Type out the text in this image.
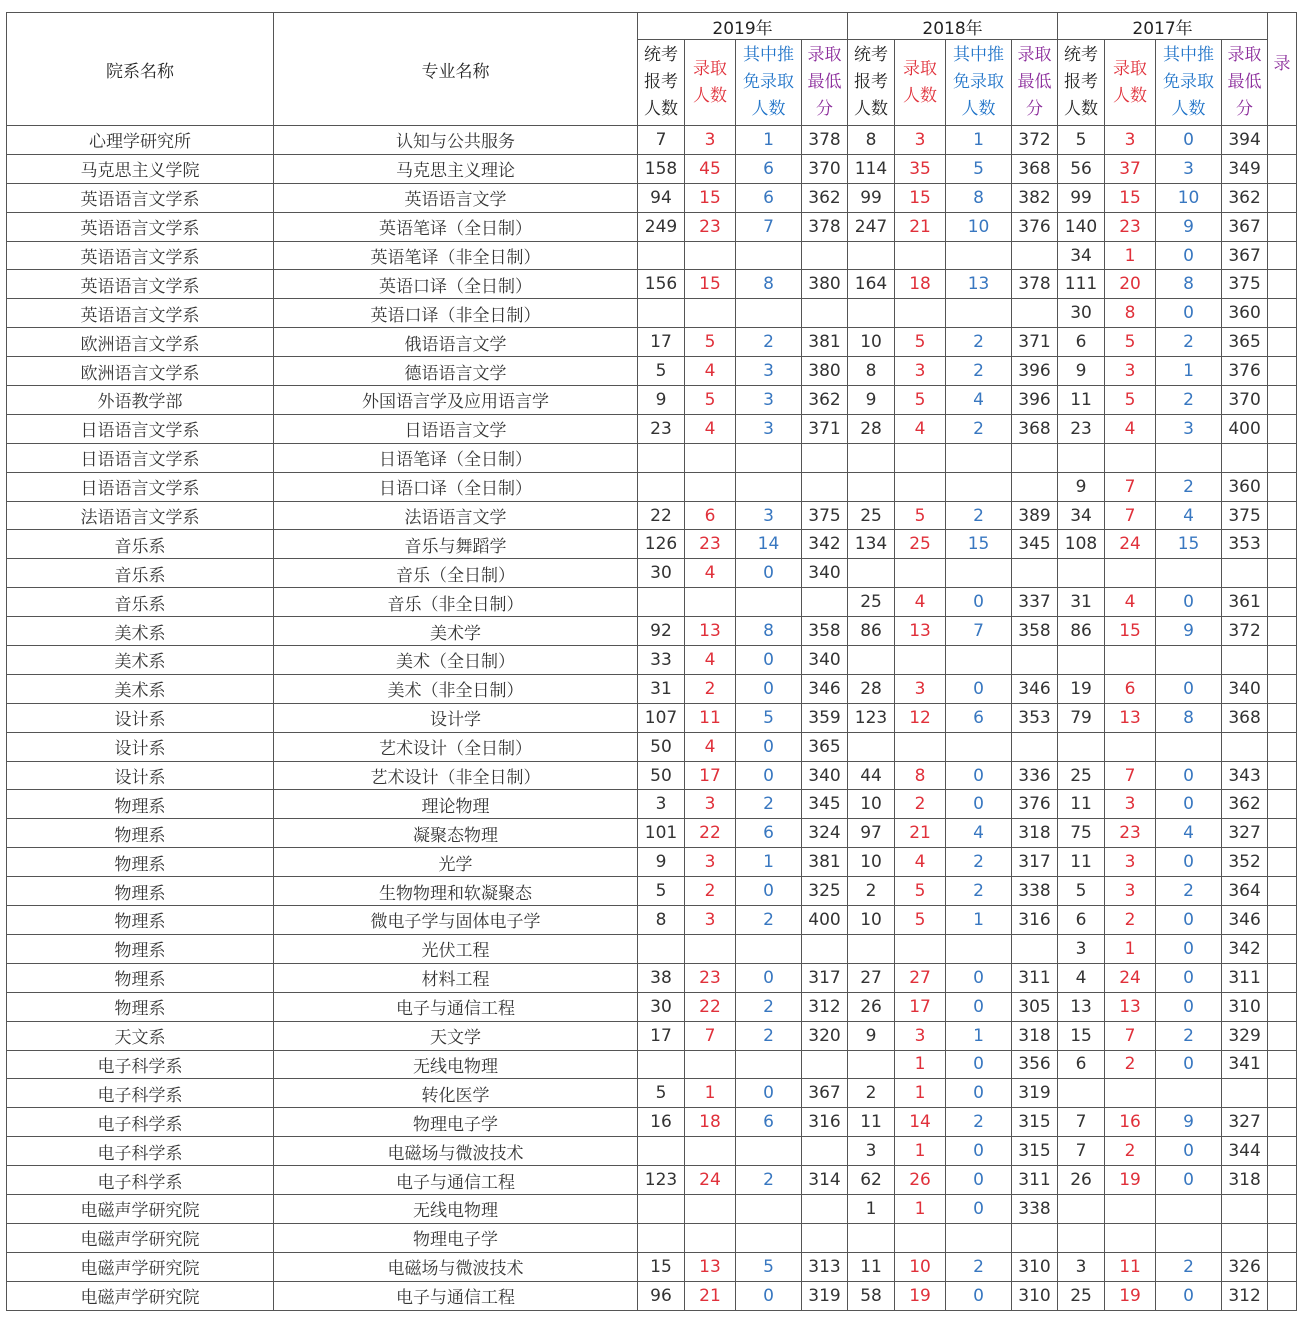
院系名称	专业名称	2019年				2018年				2017年				录
		统考报考人数	录取人数	其中推免录取人数	录取最低分	统考报考人数	录取人数	其中推免录取人数	录取最低分	统考报考人数	录取人数	其中推免录取人数	录取最低分	
心理学研究所	认知与公共服务	7	3	1	378	8	3	1	372	5	3	0	394	
马克思主义学院	马克思主义理论	158	45	6	370	114	35	5	368	56	37	3	349	
英语语言文学系	英语语言文学	94	15	6	362	99	15	8	382	99	15	10	362	
英语语言文学系	英语笔译（全日制）	249	23	7	378	247	21	10	376	140	23	9	367	
英语语言文学系	英语笔译（非全日制）									34	1	0	367	
英语语言文学系	英语口译（全日制）	156	15	8	380	164	18	13	378	111	20	8	375	
英语语言文学系	英语口译（非全日制）									30	8	0	360	
欧洲语言文学系	俄语语言文学	17	5	2	381	10	5	2	371	6	5	2	365	
欧洲语言文学系	德语语言文学	5	4	3	380	8	3	2	396	9	3	1	376	
外语教学部	外国语言学及应用语言学	9	5	3	362	9	5	4	396	11	5	2	370	
日语语言文学系	日语语言文学	23	4	3	371	28	4	2	368	23	4	3	400	
日语语言文学系	日语笔译（全日制）													
日语语言文学系	日语口译（全日制）									9	7	2	360	
法语语言文学系	法语语言文学	22	6	3	375	25	5	2	389	34	7	4	375	
音乐系	音乐与舞蹈学	126	23	14	342	134	25	15	345	108	24	15	353	
音乐系	音乐（全日制）	30	4	0	340									
音乐系	音乐（非全日制）					25	4	0	337	31	4	0	361	
美术系	美术学	92	13	8	358	86	13	7	358	86	15	9	372	
美术系	美术（全日制）	33	4	0	340									
美术系	美术（非全日制）	31	2	0	346	28	3	0	346	19	6	0	340	
设计系	设计学	107	11	5	359	123	12	6	353	79	13	8	368	
设计系	艺术设计（全日制）	50	4	0	365									
设计系	艺术设计（非全日制）	50	17	0	340	44	8	0	336	25	7	0	343	
物理系	理论物理	3	3	2	345	10	2	0	376	11	3	0	362	
物理系	凝聚态物理	101	22	6	324	97	21	4	318	75	23	4	327	
物理系	光学	9	3	1	381	10	4	2	317	11	3	0	352	
物理系	生物物理和软凝聚态	5	2	0	325	2	5	2	338	5	3	2	364	
物理系	微电子学与固体电子学	8	3	2	400	10	5	1	316	6	2	0	346	
物理系	光伏工程									3	1	0	342	
物理系	材料工程	38	23	0	317	27	27	0	311	4	24	0	311	
物理系	电子与通信工程	30	22	2	312	26	17	0	305	13	13	0	310	
天文系	天文学	17	7	2	320	9	3	1	318	15	7	2	329	
电子科学系	无线电物理						1	0	356	6	2	0	341	
电子科学系	转化医学	5	1	0	367	2	1	0	319					
电子科学系	物理电子学	16	18	6	316	11	14	2	315	7	16	9	327	
电子科学系	电磁场与微波技术					3	1	0	315	7	2	0	344	
电子科学系	电子与通信工程	123	24	2	314	62	26	0	311	26	19	0	318	
电磁声学研究院	无线电物理					1	1	0	338					
电磁声学研究院	物理电子学													
电磁声学研究院	电磁场与微波技术	15	13	5	313	11	10	2	310	3	11	2	326	
电磁声学研究院	电子与通信工程	96	21	0	319	58	19	0	310	25	19	0	312	
